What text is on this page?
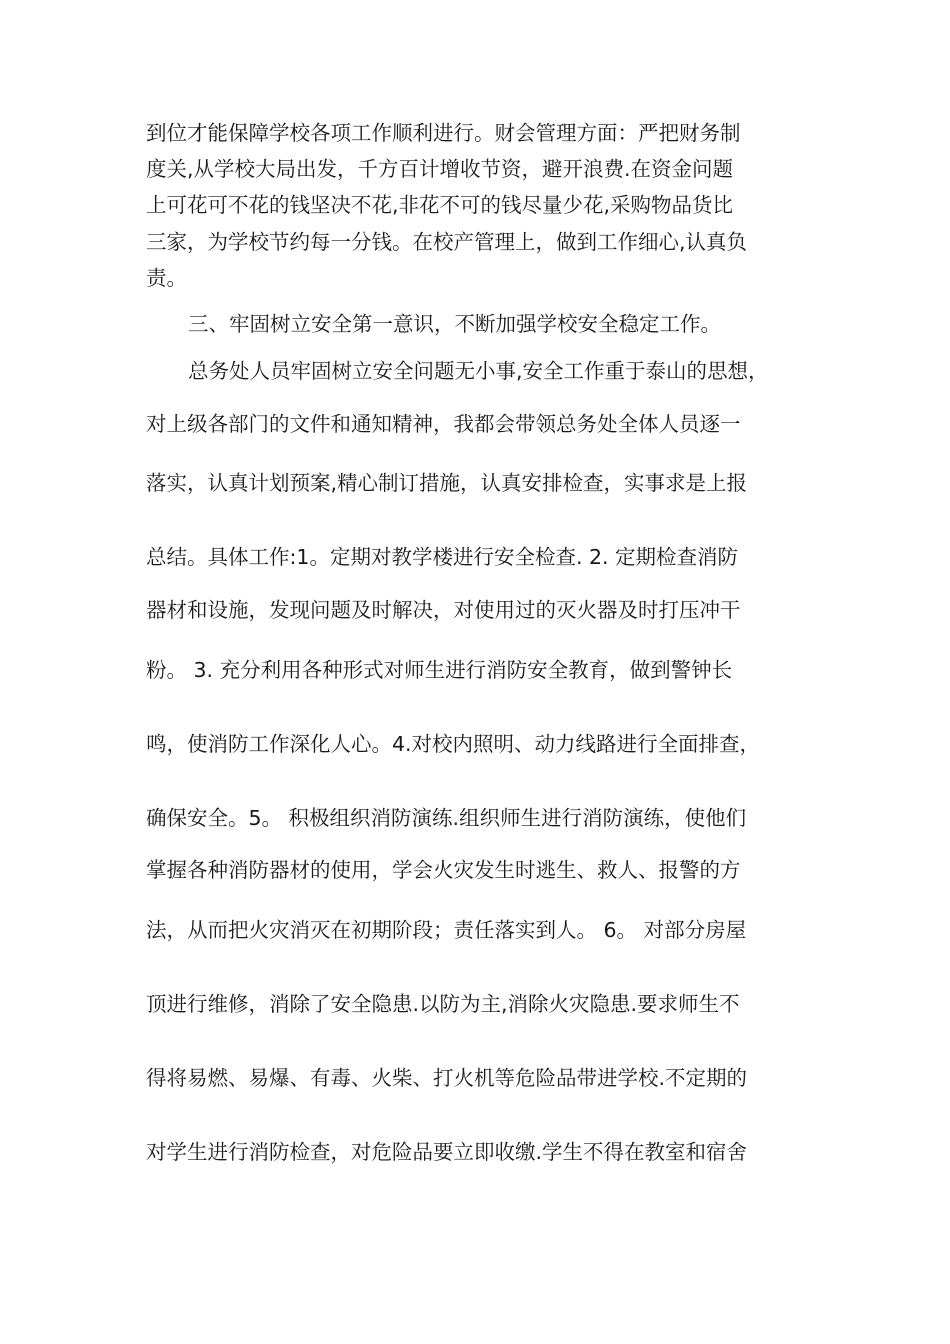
到位才能保障学校各项工作顺利进行。财会管理方面：严把财务制
度关,从学校大局出发，千方百计增收节资，避开浪费.在资金问题
上可花可不花的钱坚决不花,非花不可的钱尽量少花,采购物品货比
三家，为学校节约每一分钱。在校产管理上，做到工作细心,认真负
责。
三、牢固树立安全第一意识，不断加强学校安全稳定工作。
总务处人员牢固树立安全问题无小事,安全工作重于泰山的思想，
对上级各部门的文件和通知精神，我都会带领总务处全体人员逐一
落实，认真计划预案,精心制订措施，认真安排检查，实事求是上报
总结。具体工作:1。定期对教学楼进行安全检查. 2. 定期检查消防
器材和设施，发现问题及时解决，对使用过的灭火器及时打压冲干
粉。 3. 充分利用各种形式对师生进行消防安全教育，做到警钟长
鸣，使消防工作深化人心。4.对校内照明、动力线路进行全面排查，
确保安全。5。 积极组织消防演练.组织师生进行消防演练，使他们
掌握各种消防器材的使用，学会火灾发生时逃生、救人、报警的方
法，从而把火灾消灭在初期阶段；责任落实到人。 6。 对部分房屋
顶进行维修，消除了安全隐患.以防为主,消除火灾隐患.要求师生不
得将易燃、易爆、有毒、火柴、打火机等危险品带进学校.不定期的
对学生进行消防检查，对危险品要立即收缴.学生不得在教室和宿舍
